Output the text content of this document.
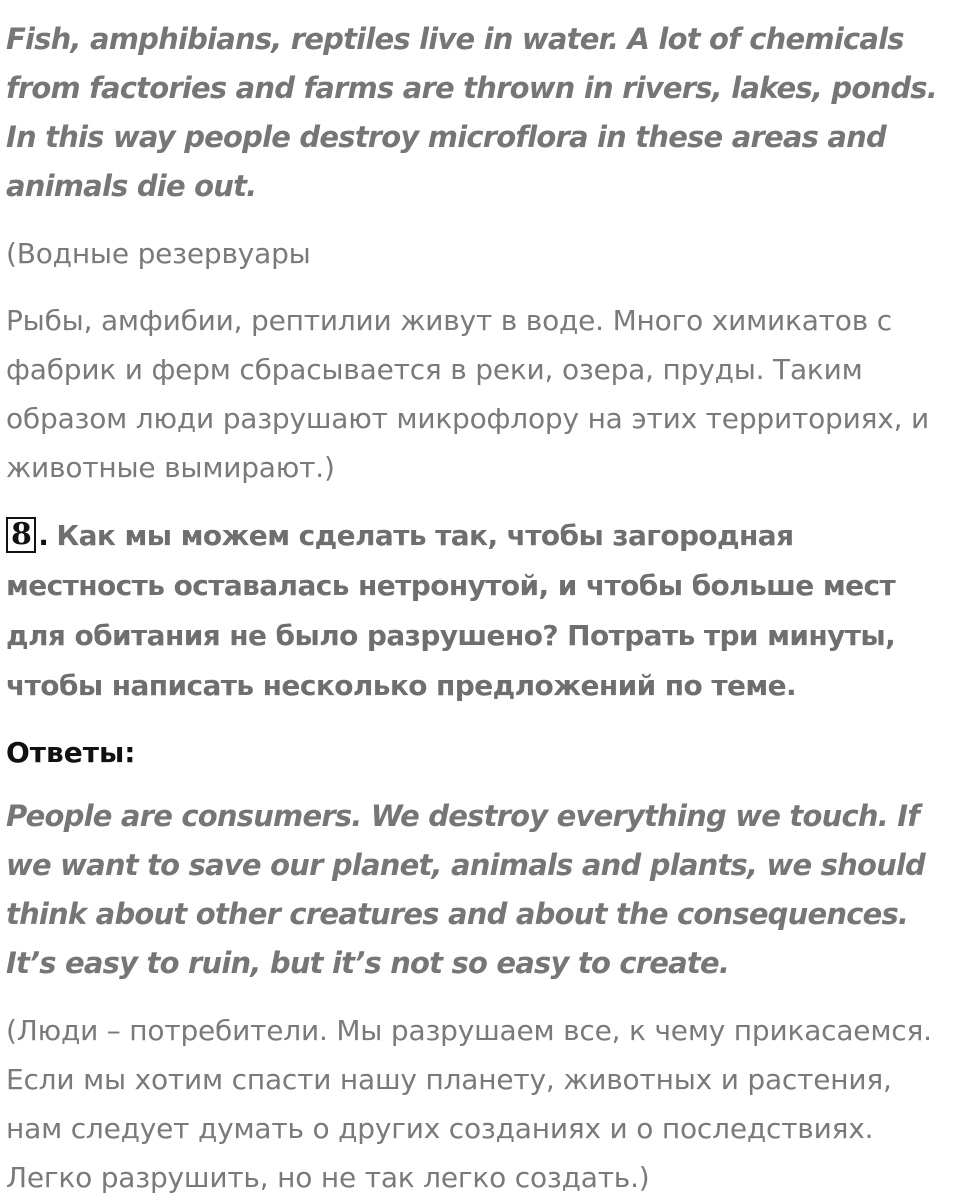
Fish, amphibians, reptiles live in water. A lot of chemicals from factories and farms are thrown in rivers, lakes, ponds. In this way people destroy microflora in these areas and animals die out.

(Водные резервуары

Рыбы, амфибии, рептилии живут в воде. Много химикатов с фабрик и ферм сбрасывается в реки, озера, пруды. Таким образом люди разрушают микрофлору на этих территориях, и животные вымирают.)

8 . Как мы можем сделать так, чтобы загородная местность оставалась нетронутой, и чтобы больше мест для обитания не было разрушено? Потрать три минуты, чтобы написать несколько предложений по теме.

Ответы:

People are consumers. We destroy everything we touch. If we want to save our planet, animals and plants, we should think about other creatures and about the consequences. It’s easy to ruin, but it’s not so easy to create.

(Люди – потребители. Мы разрушаем все, к чему прикасаемся. Если мы хотим спасти нашу планету, животных и растения, нам следует думать о других созданиях и о последствиях. Легко разрушить, но не так легко создать.)
